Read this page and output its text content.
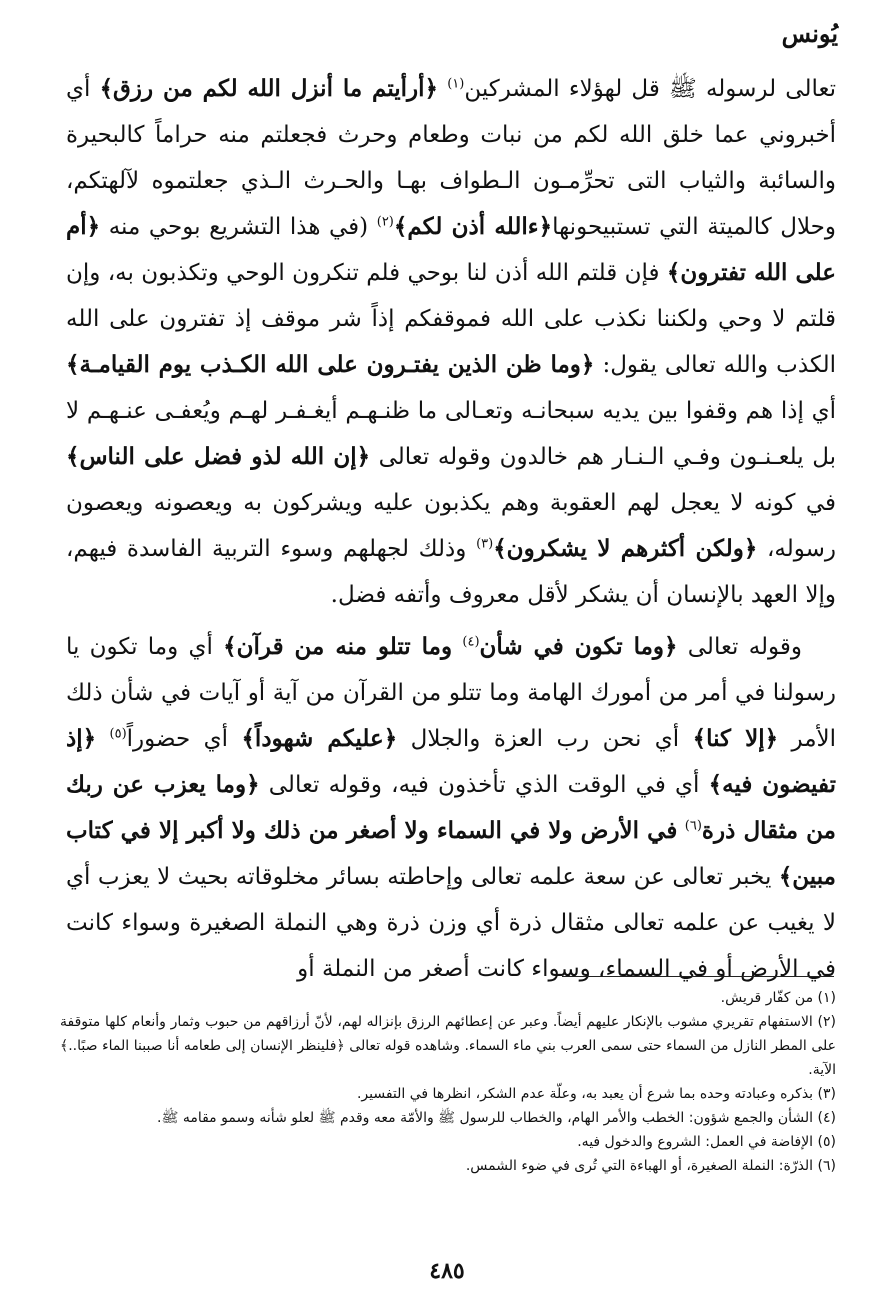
يُونس

تعالى لرسوله ﷺ قل لهؤلاء المشركين$^{(١)}$ ﴿أرأيتم ما أنزل الله لكم من رزق﴾ أي أخبروني عما خلق الله لكم من نبات وطعام وحرث فجعلتم منه حراماً كالبحيرة والسائبة والثياب التى تحرِّمـون الـطواف بهـا والحـرث الـذي جعلتموه لآلهتكم، وحلال كالميتة التي تستبيحونها﴿ءالله أذن لكم﴾$^{(٢)}$ (في هذا التشريع بوحي منه ﴿أم على الله تفترون﴾ فإن قلتم الله أذن لنا بوحي فلم تنكرون الوحي وتكذبون به، وإن قلتم لا وحي ولكننا نكذب على الله فموقفكم إذاً شر موقف إذ تفترون على الله الكذب والله تعالى يقول: ﴿وما ظن الذين يفتـرون على الله الكـذب يوم القيامـة﴾ أي إذا هم وقفوا بين يديه سبحانـه وتعـالى ما ظنـهـم أيغـفـر لهـم ويُعفـى عنـهـم لا بل يلعـنـون وفـي الـنـار هم خالدون وقوله تعالى ﴿إن الله لذو فضل على الناس﴾ في كونه لا يعجل لهم العقوبة وهم يكذبون عليه ويشركون به ويعصونه ويعصون رسوله، ﴿ولكن أكثرهم لا يشكرون﴾$^{(٣)}$ وذلك لجهلهم وسوء التربية الفاسدة فيهم، وإلا العهد بالإنسان أن يشكر لأقل معروف وأتفه فضل.

وقوله تعالى ﴿وما تكون في شأن$^{(٤)}$ وما تتلو منه من قرآن﴾ أي وما تكون يا رسولنا في أمر من أمورك الهامة وما تتلو من القرآن من آية أو آيات في شأن ذلك الأمر ﴿إلا كنا﴾ أي نحن رب العزة والجلال ﴿عليكم شهوداً﴾ أي حضوراً$^{(٥)}$ ﴿إذ تفيضون فيه﴾ أي في الوقت الذي تأخذون فيه، وقوله تعالى ﴿وما يعزب عن ربك من مثقال ذرة$^{(٦)}$ في الأرض ولا في السماء ولا أصغر من ذلك ولا أكبر إلا في كتاب مبين﴾ يخبر تعالى عن سعة علمه تعالى وإحاطته بسائر مخلوقاته بحيث لا يعزب أي لا يغيب عن علمه تعالى مثقال ذرة أي وزن ذرة وهي النملة الصغيرة وسواء كانت في الأرض أو في السماء، وسواء كانت أصغر من النملة أو

(١) من كفّار قريش.

(٢) الاستفهام تقريري مشوب بالإنكار عليهم أيضاً. وعبر عن إعطائهم الرزق بإنزاله لهم، لأنّ أرزاقهم من حبوب وثمار وأنعام كلها متوقفة على المطر النازل من السماء حتى سمى العرب بني ماء السماء. وشاهده قوله تعالى ﴿فلينظر الإنسان إلى طعامه أنا صببنا الماء صبًا..﴾ الآية.

(٣) بذكره وعبادته وحده بما شرع أن يعبد به، وعلّة عدم الشكر، انظرها في التفسير.

(٤) الشأن والجمع شؤون: الخطب والأمر الهام، والخطاب للرسول ﷺ والأمّة معه وقدم ﷺ لعلو شأنه وسمو مقامه ﷺ.

(٥) الإفاضة في العمل: الشروع والدخول فيه.

(٦) الذرّة: النملة الصغيرة، أو الهباءة التي تُرى في ضوء الشمس.

٤٨٥
